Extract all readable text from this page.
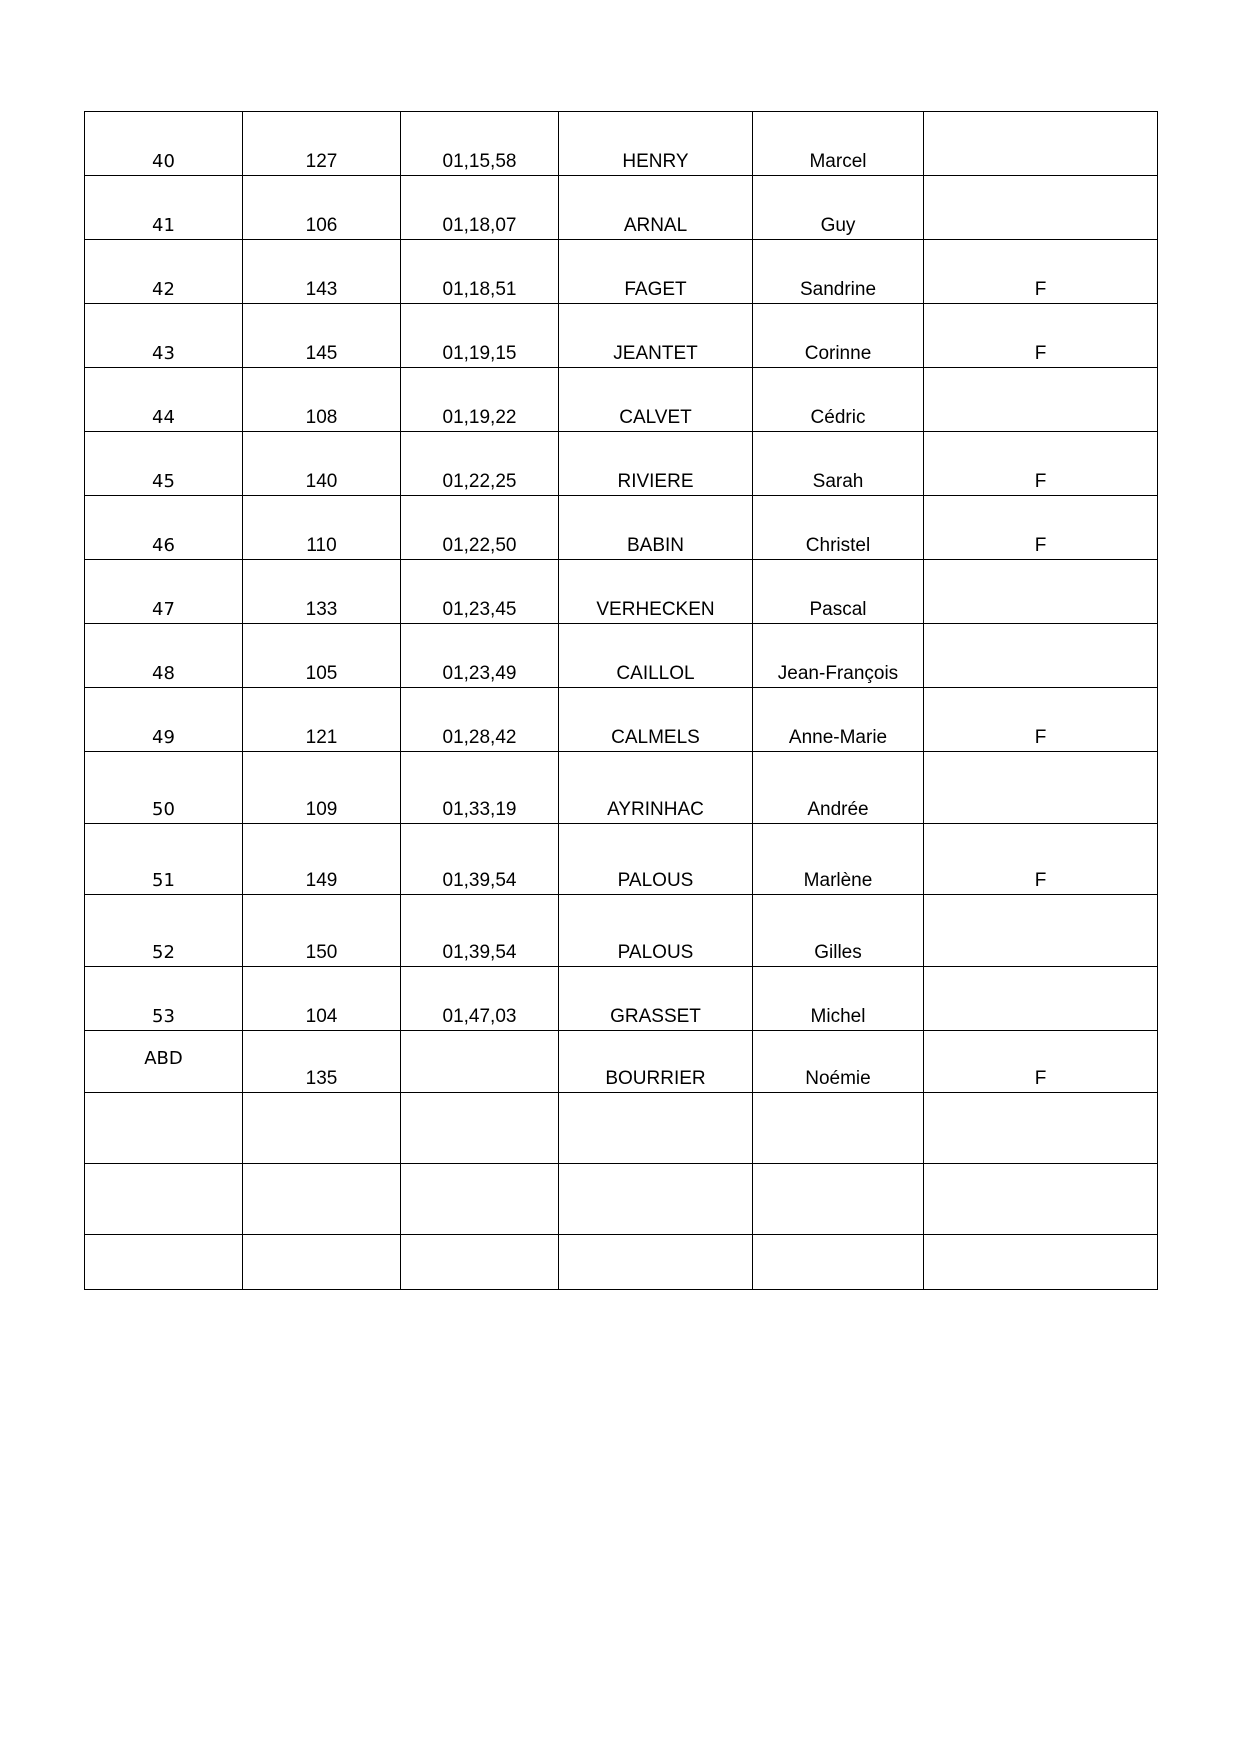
40	127	01,15,58	HENRY	Marcel	
41	106	01,18,07	ARNAL	Guy	
42	143	01,18,51	FAGET	Sandrine	F
43	145	01,19,15	JEANTET	Corinne	F
44	108	01,19,22	CALVET	Cédric	
45	140	01,22,25	RIVIERE	Sarah	F
46	110	01,22,50	BABIN	Christel	F
47	133	01,23,45	VERHECKEN	Pascal	
48	105	01,23,49	CAILLOL	Jean-François	
49	121	01,28,42	CALMELS	Anne-Marie	F
50	109	01,33,19	AYRINHAC	Andrée	
51	149	01,39,54	PALOUS	Marlène	F
52	150	01,39,54	PALOUS	Gilles	
53	104	01,47,03	GRASSET	Michel	
ABD	135		BOURRIER	Noémie	F
